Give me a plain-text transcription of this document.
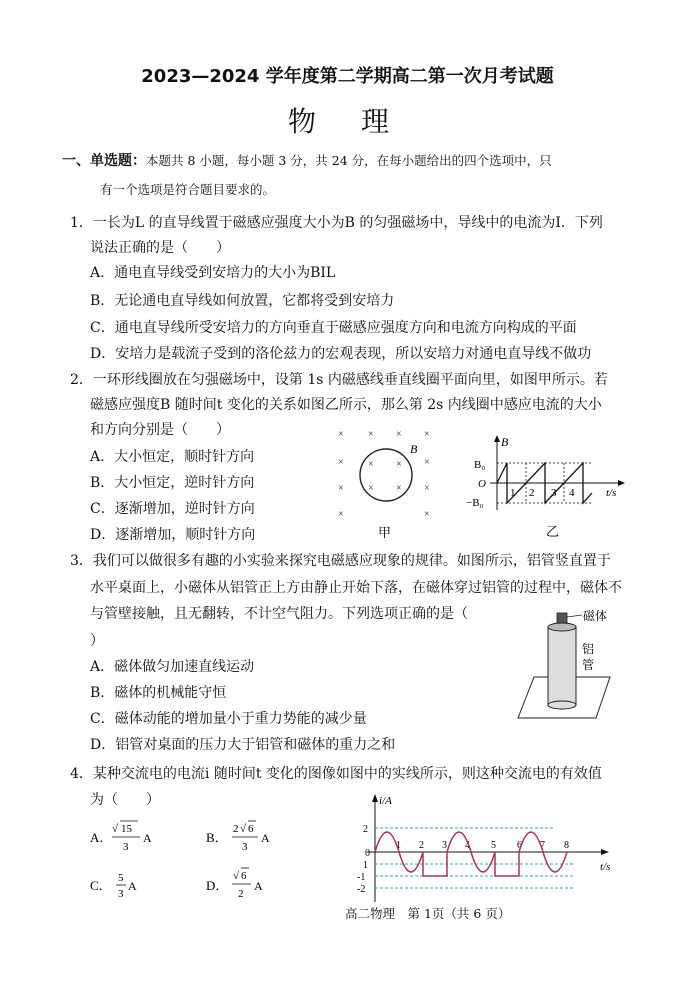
2023—2024 学年度第二学期高二第一次月考试题
物 理
一、单选题：本题共 8 小题，每小题 3 分，共 24 分，在每小题给出的四个选项中，只
有一个选项是符合题目要求的。
1．一长为L 的直导线置于磁感应强度大小为B 的匀强磁场中，导线中的电流为I．下列
说法正确的是（　　）
A．通电直导线受到安培力的大小为BIL
B．无论通电直导线如何放置，它都将受到安培力
C．通电直导线所受安培力的方向垂直于磁感应强度方向和电流方向构成的平面
D．安培力是载流子受到的洛伦兹力的宏观表现，所以安培力对通电直导线不做功
2．一环形线圈放在匀强磁场中，设第 1s 内磁感线垂直线圈平面向里，如图甲所示。若
磁感应强度B 随时间t 变化的关系如图乙所示，那么第 2s 内线圈中感应电流的大小
和方向分别是（　　）
A．大小恒定，顺时针方向
B．大小恒定，逆时针方向
C．逐渐增加，逆时针方向
D．逐渐增加，顺时针方向
× × × ×
×	×
× × × ×
×	×
× ×
B
甲
B
t/s
B₀
O
−B₀
1 2 3 4
乙
3．我们可以做很多有趣的小实验来探究电磁感应现象的规律。如图所示，铝管竖直置于
水平桌面上，小磁体从铝管正上方由静止开始下落，在磁体穿过铝管的过程中，磁体不
与管壁接触，且无翻转，不计空气阻力。下列选项正确的是（
）
A．磁体做匀加速直线运动
B．磁体的机械能守恒
C．磁体动能的增加量小于重力势能的减少量
D．铝管对桌面的压力大于铝管和磁体的重力之和
磁体
铝
管
4．某种交流电的电流i 随时间t 变化的图像如图中的实线所示，则这种交流电的有效值
为（　　）
A．
√ 15
3
A	B．
2 √ 6
3
A
C． 5
3
A	D．
√ 6
2
A
i/A
t/s
0
2
1
-1
-2
1 2 3 4 5 6 7 8
高二物理　第 1页（共 6 页）
